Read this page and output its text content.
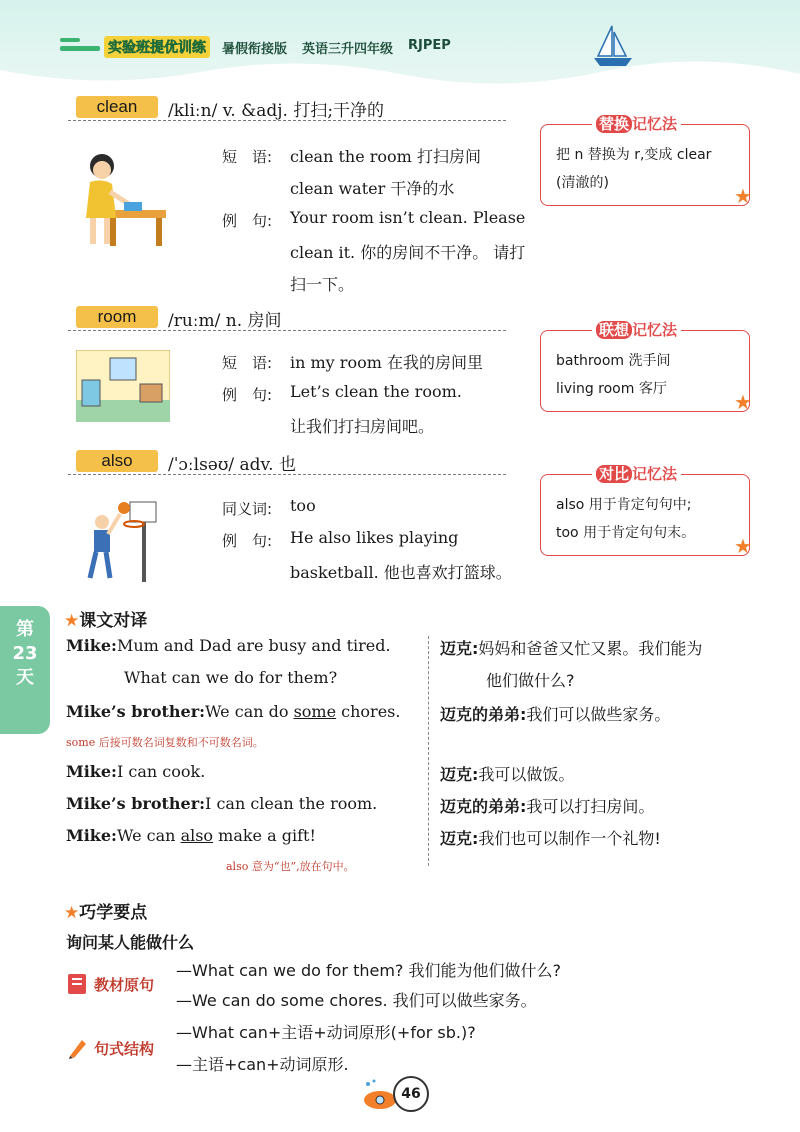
实验班提优训练	暑假衔接版 英语三升四年级 RJPEP
clean	/kliːn/ v. &adj. 打扫;干净的
短　语: clean the room 打扫房间
clean water 干净的水
例　句: Your room isn’t clean. Please
clean it. 你的房间不干净。 请打
扫一下。
替换 记忆法
把 n 替换为 r,变成 clear
(清澈的)
★
room	/ruːm/ n. 房间
短　语: in my room 在我的房间里
例　句: Let’s clean the room.
让我们打扫房间吧。
联想 记忆法
bathroom 洗手间
living room 客厅
★
also	/ˈɔːlsəʊ/ adv. 也
同义词: too
例　句: He also likes playing
basketball. 他也喜欢打篮球。
对比 记忆法
also 用于肯定句句中;
too 用于肯定句句末。
★
第23天
★课文对译
Mike:Mum and Dad are busy and tired.
What can we do for them?
Mike’s brother:We can do some chores.
some 后接可数名词复数和不可数名词。
Mike:I can cook.
Mike’s brother:I can clean the room.
Mike:We can also make a gift!
also 意为“也”,放在句中。
迈克:妈妈和爸爸又忙又累。我们能为
他们做什么?
迈克的弟弟:我们可以做些家务。
迈克:我可以做饭。
迈克的弟弟:我可以打扫房间。
迈克:我们也可以制作一个礼物!
★巧学要点
询问某人能做什么
教材原句
—What can we do for them? 我们能为他们做什么?
—We can do some chores. 我们可以做些家务。
句式结构
—What can+主语+动词原形(+for sb.)?
—主语+can+动词原形.
46
